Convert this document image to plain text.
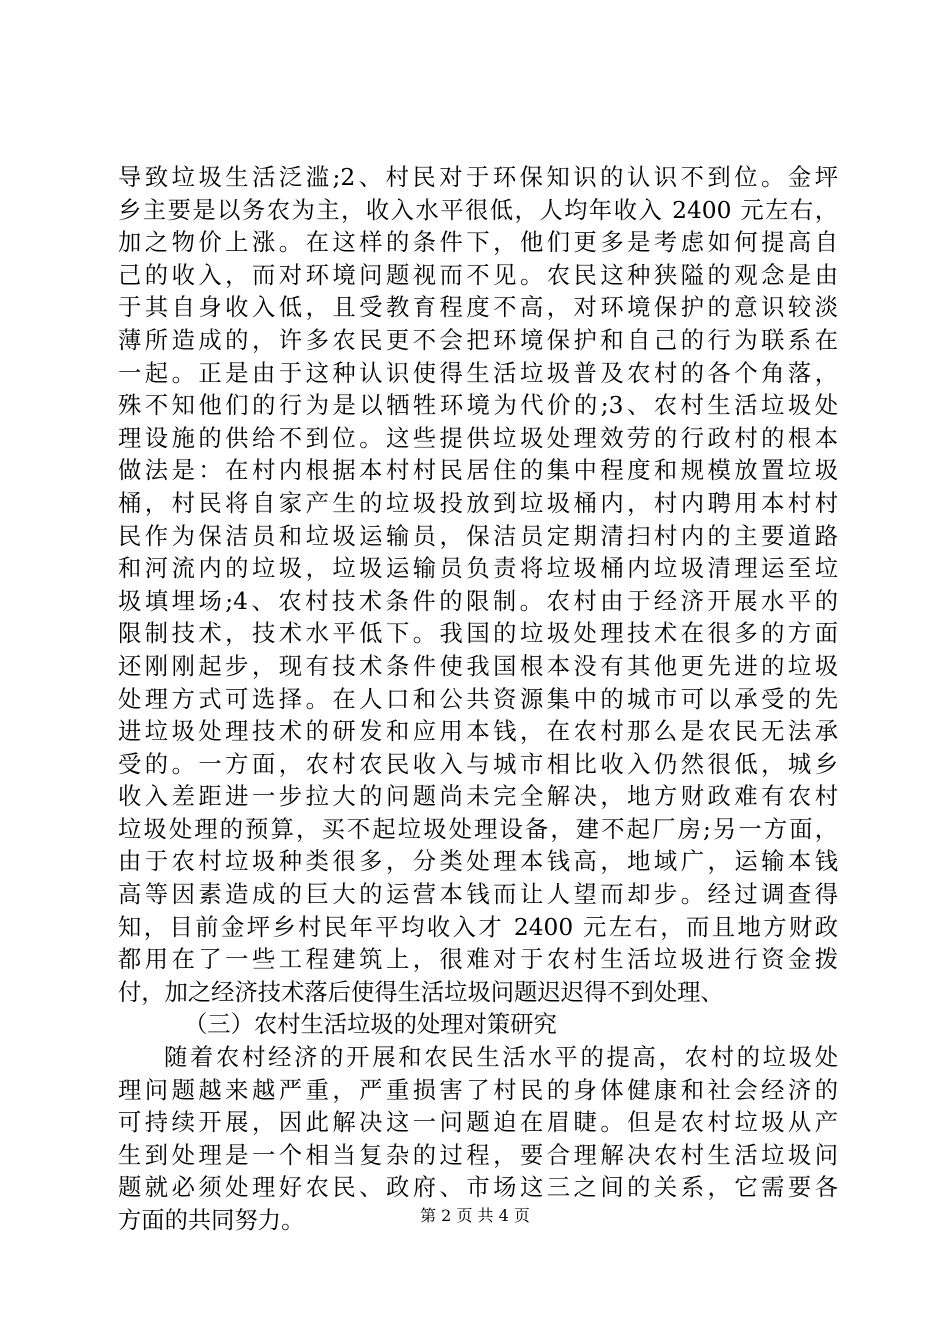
导致垃圾生活泛滥;2、村民对于环保知识的认识不到位。金坪
乡主要是以务农为主，收入水平很低，人均年收入 2400 元左右，
加之物价上涨。在这样的条件下，他们更多是考虑如何提高自
己的收入，而对环境问题视而不见。农民这种狭隘的观念是由
于其自身收入低，且受教育程度不高，对环境保护的意识较淡
薄所造成的，许多农民更不会把环境保护和自己的行为联系在
一起。正是由于这种认识使得生活垃圾普及农村的各个角落，
殊不知他们的行为是以牺牲环境为代价的;3、农村生活垃圾处
理设施的供给不到位。这些提供垃圾处理效劳的行政村的根本
做法是：在村内根据本村村民居住的集中程度和规模放置垃圾
桶，村民将自家产生的垃圾投放到垃圾桶内，村内聘用本村村
民作为保洁员和垃圾运输员，保洁员定期清扫村内的主要道路
和河流内的垃圾，垃圾运输员负责将垃圾桶内垃圾清理运至垃
圾填埋场;4、农村技术条件的限制。农村由于经济开展水平的
限制技术，技术水平低下。我国的垃圾处理技术在很多的方面
还刚刚起步，现有技术条件使我国根本没有其他更先进的垃圾
处理方式可选择。在人口和公共资源集中的城市可以承受的先
进垃圾处理技术的研发和应用本钱，在农村那么是农民无法承
受的。一方面，农村农民收入与城市相比收入仍然很低，城乡
收入差距进一步拉大的问题尚未完全解决，地方财政难有农村
垃圾处理的预算，买不起垃圾处理设备，建不起厂房;另一方面，
由于农村垃圾种类很多，分类处理本钱高，地域广，运输本钱
高等因素造成的巨大的运营本钱而让人望而却步。经过调查得
知，目前金坪乡村民年平均收入才 2400 元左右，而且地方财政
都用在了一些工程建筑上，很难对于农村生活垃圾进行资金拨
付，加之经济技术落后使得生活垃圾问题迟迟得不到处理、
（三）农村生活垃圾的处理对策研究
随着农村经济的开展和农民生活水平的提高，农村的垃圾处
理问题越来越严重，严重损害了村民的身体健康和社会经济的
可持续开展，因此解决这一问题迫在眉睫。但是农村垃圾从产
生到处理是一个相当复杂的过程，要合理解决农村生活垃圾问
题就必须处理好农民、政府、市场这三之间的关系，它需要各
方面的共同努力。	第 2 页 共 4 页
